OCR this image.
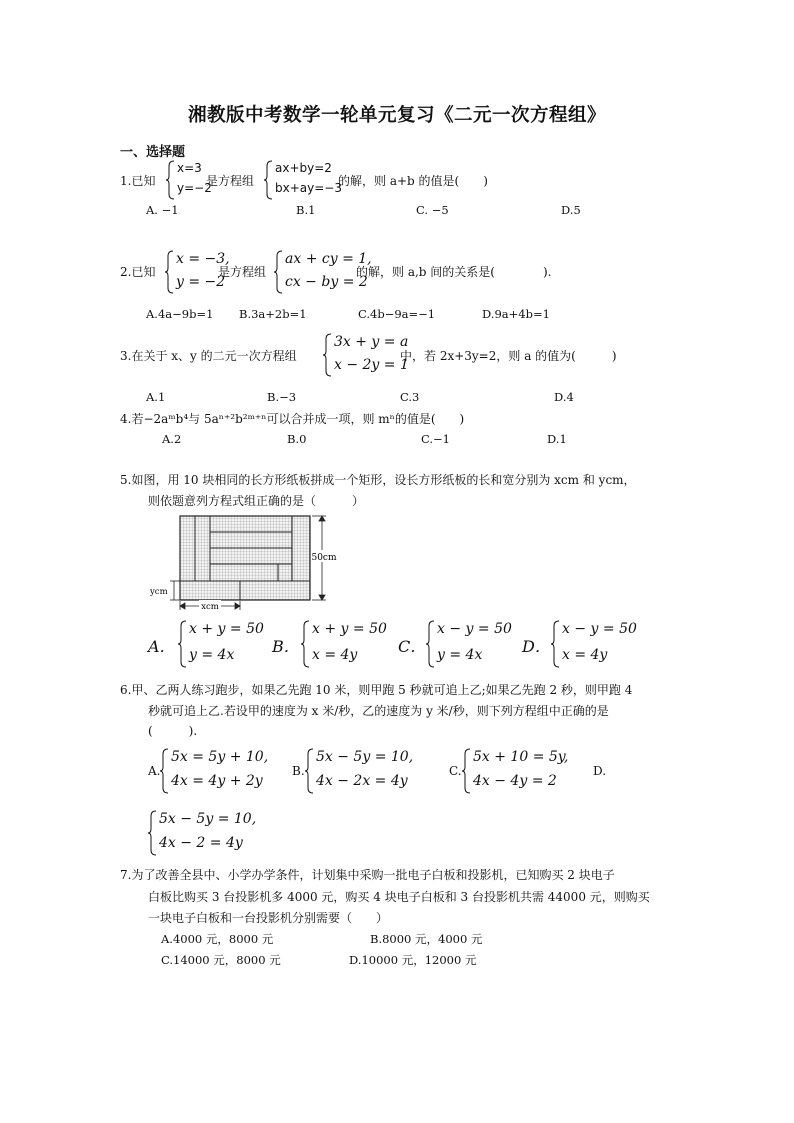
湘教版中考数学一轮单元复习《二元一次方程组》
一、选择题
1.已知
x=3
y=−2
是方程组
ax+by=2
bx+ay=−3
的解，则 a+b 的值是(　　)
A. −1	B.1	C. −5	D.5
2.已知
x = −3,
y = −2
是方程组
ax + cy = 1,
cx − by = 2
的解，则 a,b 间的关系是(　　　　).
A.4a−9b=1 B.3a+2b=1	C.4b−9a=−1	D.9a+4b=1
3.在关于 x、y 的二元一次方程组
3x + y = a
x − 2y = 1
中，若 2x+3y=2，则 a 的值为(　　　)
A.1	B.−3	C.3	D.4
4.若−2aᵐb⁴与 5aⁿ⁺²b²ᵐ⁺ⁿ可以合并成一项，则 mⁿ的值是(　　)
A.2	B.0	C.−1	D.1
5.如图，用 10 块相同的长方形纸板拼成一个矩形，设长方形纸板的长和宽分别为 xcm 和 ycm，
则依题意列方程式组正确的是（　　　）
50cm
ycm
xcm
A．
x + y = 50
y = 4x B．
x + y = 50
x = 4y	C．
x − y = 50
y = 4x D．
x − y = 50
x = 4y
6.甲、乙两人练习跑步，如果乙先跑 10 米，则甲跑 5 秒就可追上乙;如果乙先跑 2 秒，则甲跑 4
秒就可追上乙.若设甲的速度为 x 米/秒，乙的速度为 y 米/秒，则下列方程组中正确的是
(　　　).
A.
5x = 5y + 10,
4x = 4y + 2y
B.
5x − 5y = 10,
4x − 2x = 4y
C.
5x + 10 = 5y,
4x − 4y = 2
D.
5x − 5y = 10,
4x − 2 = 4y
7.为了改善全县中、小学办学条件，计划集中采购一批电子白板和投影机，已知购买 2 块电子
白板比购买 3 台投影机多 4000 元，购买 4 块电子白板和 3 台投影机共需 44000 元，则购买
一块电子白板和一台投影机分别需要（　　）
A.4000 元，8000 元	B.8000 元，4000 元
C.14000 元，8000 元	D.10000 元，12000 元
